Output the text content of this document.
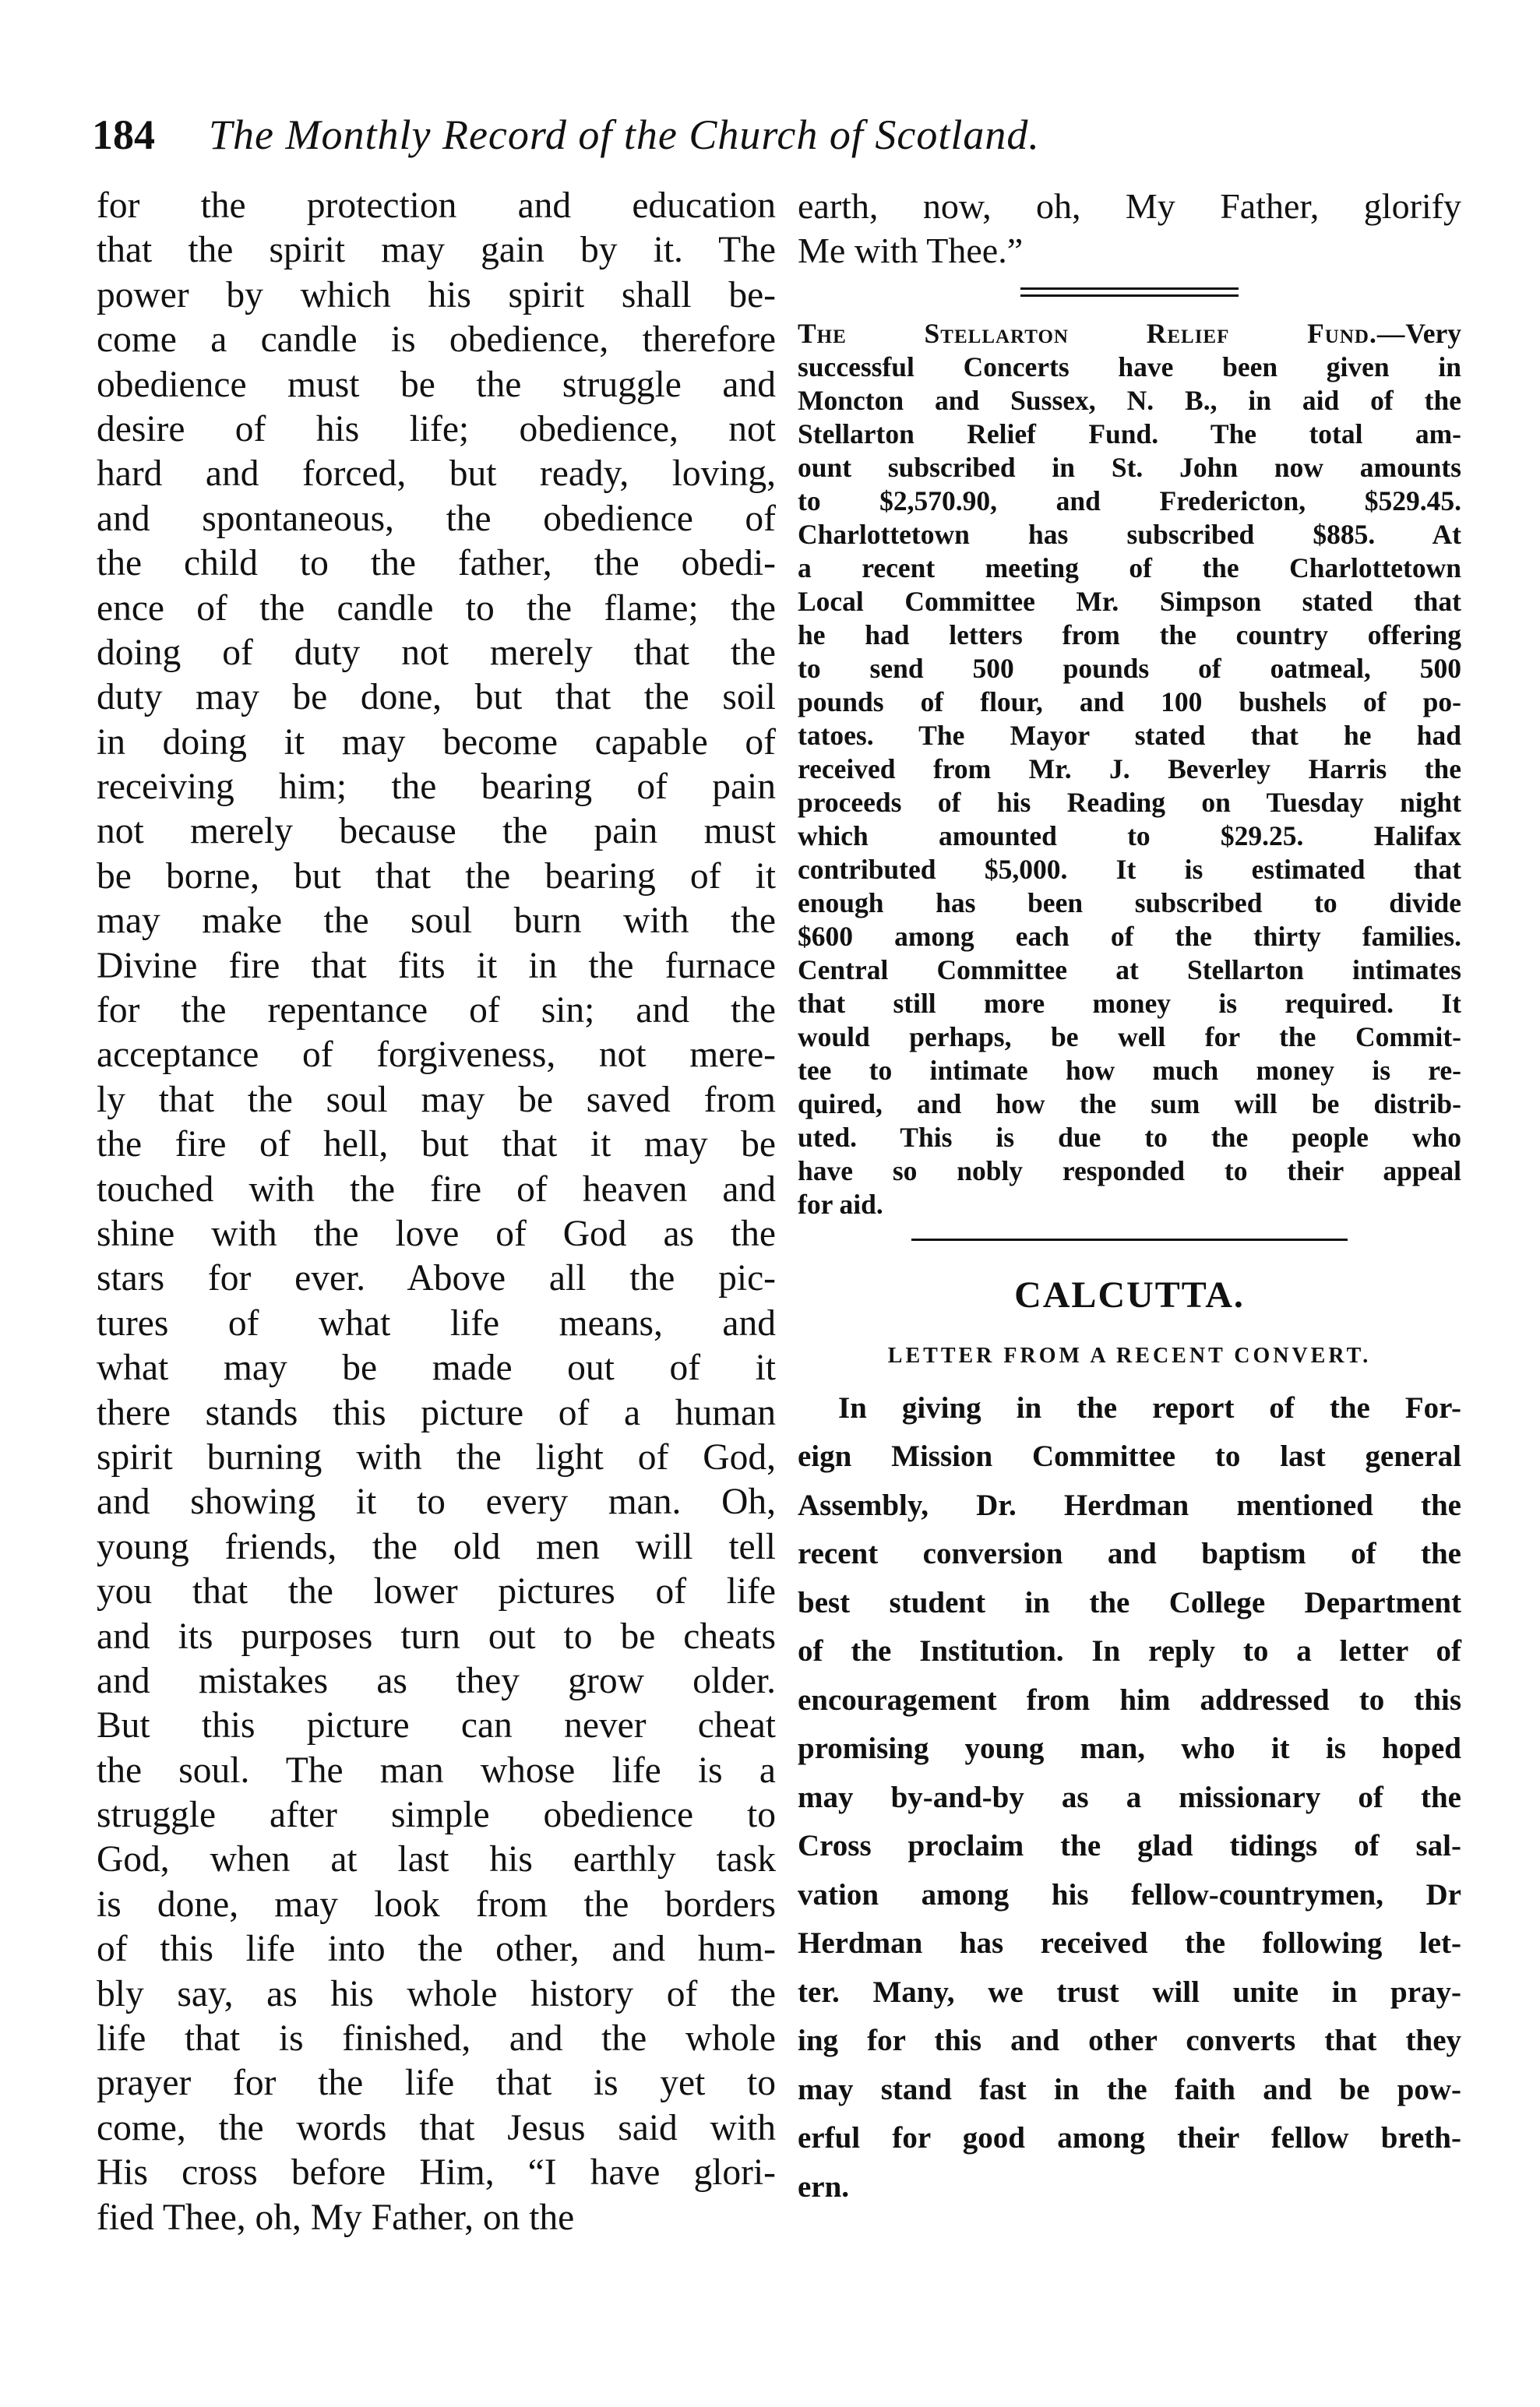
184 The Monthly Record of the Church of Scotland.
for the protection and education
that the spirit may gain by it. The
power by which his spirit shall be-
come a candle is obedience, therefore
obedience must be the struggle and
desire of his life; obedience, not
hard and forced, but ready, loving,
and spontaneous, the obedience of
the child to the father, the obedi-
ence of the candle to the flame; the
doing of duty not merely that the
duty may be done, but that the soil
in doing it may become capable of
receiving him; the bearing of pain
not merely because the pain must
be borne, but that the bearing of it
may make the soul burn with the
Divine fire that fits it in the furnace
for the repentance of sin; and the
acceptance of forgiveness, not mere-
ly that the soul may be saved from
the fire of hell, but that it may be
touched with the fire of heaven and
shine with the love of God as the
stars for ever. Above all the pic-
tures of what life means, and
what may be made out of it
there stands this picture of a human
spirit burning with the light of God,
and showing it to every man. Oh,
young friends, the old men will tell
you that the lower pictures of life
and its purposes turn out to be cheats
and mistakes as they grow older.
But this picture can never cheat
the soul. The man whose life is a
struggle after simple obedience to
God, when at last his earthly task
is done, may look from the borders
of this life into the other, and hum-
bly say, as his whole history of the
life that is finished, and the whole
prayer for the life that is yet to
come, the words that Jesus said with
His cross before Him, “I have glori-
fied Thee, oh, My Father, on the
earth, now, oh, My Father, glorify
Me with Thee.”
The Stellarton Relief Fund.—Very
successful Concerts have been given in
Moncton and Sussex, N. B., in aid of the
Stellarton Relief Fund. The total am-
ount subscribed in St. John now amounts
to $2,570.90, and Fredericton, $529.45.
Charlottetown has subscribed $885. At
a recent meeting of the Charlottetown
Local Committee Mr. Simpson stated that
he had letters from the country offering
to send 500 pounds of oatmeal, 500
pounds of flour, and 100 bushels of po-
tatoes. The Mayor stated that he had
received from Mr. J. Beverley Harris the
proceeds of his Reading on Tuesday night
which amounted to $29.25. Halifax
contributed $5,000. It is estimated that
enough has been subscribed to divide
$600 among each of the thirty families.
Central Committee at Stellarton intimates
that still more money is required. It
would perhaps, be well for the Commit-
tee to intimate how much money is re-
quired, and how the sum will be distrib-
uted. This is due to the people who
have so nobly responded to their appeal
for aid.
CALCUTTA.
LETTER FROM A RECENT CONVERT.
In giving in the report of the For-
eign Mission Committee to last general
Assembly, Dr. Herdman mentioned the
recent conversion and baptism of the
best student in the College Department
of the Institution. In reply to a letter of
encouragement from him addressed to this
promising young man, who it is hoped
may by-and-by as a missionary of the
Cross proclaim the glad tidings of sal-
vation among his fellow-countrymen, Dr
Herdman has received the following let-
ter. Many, we trust will unite in pray-
ing for this and other converts that they
may stand fast in the faith and be pow-
erful for good among their fellow breth-
ern.
